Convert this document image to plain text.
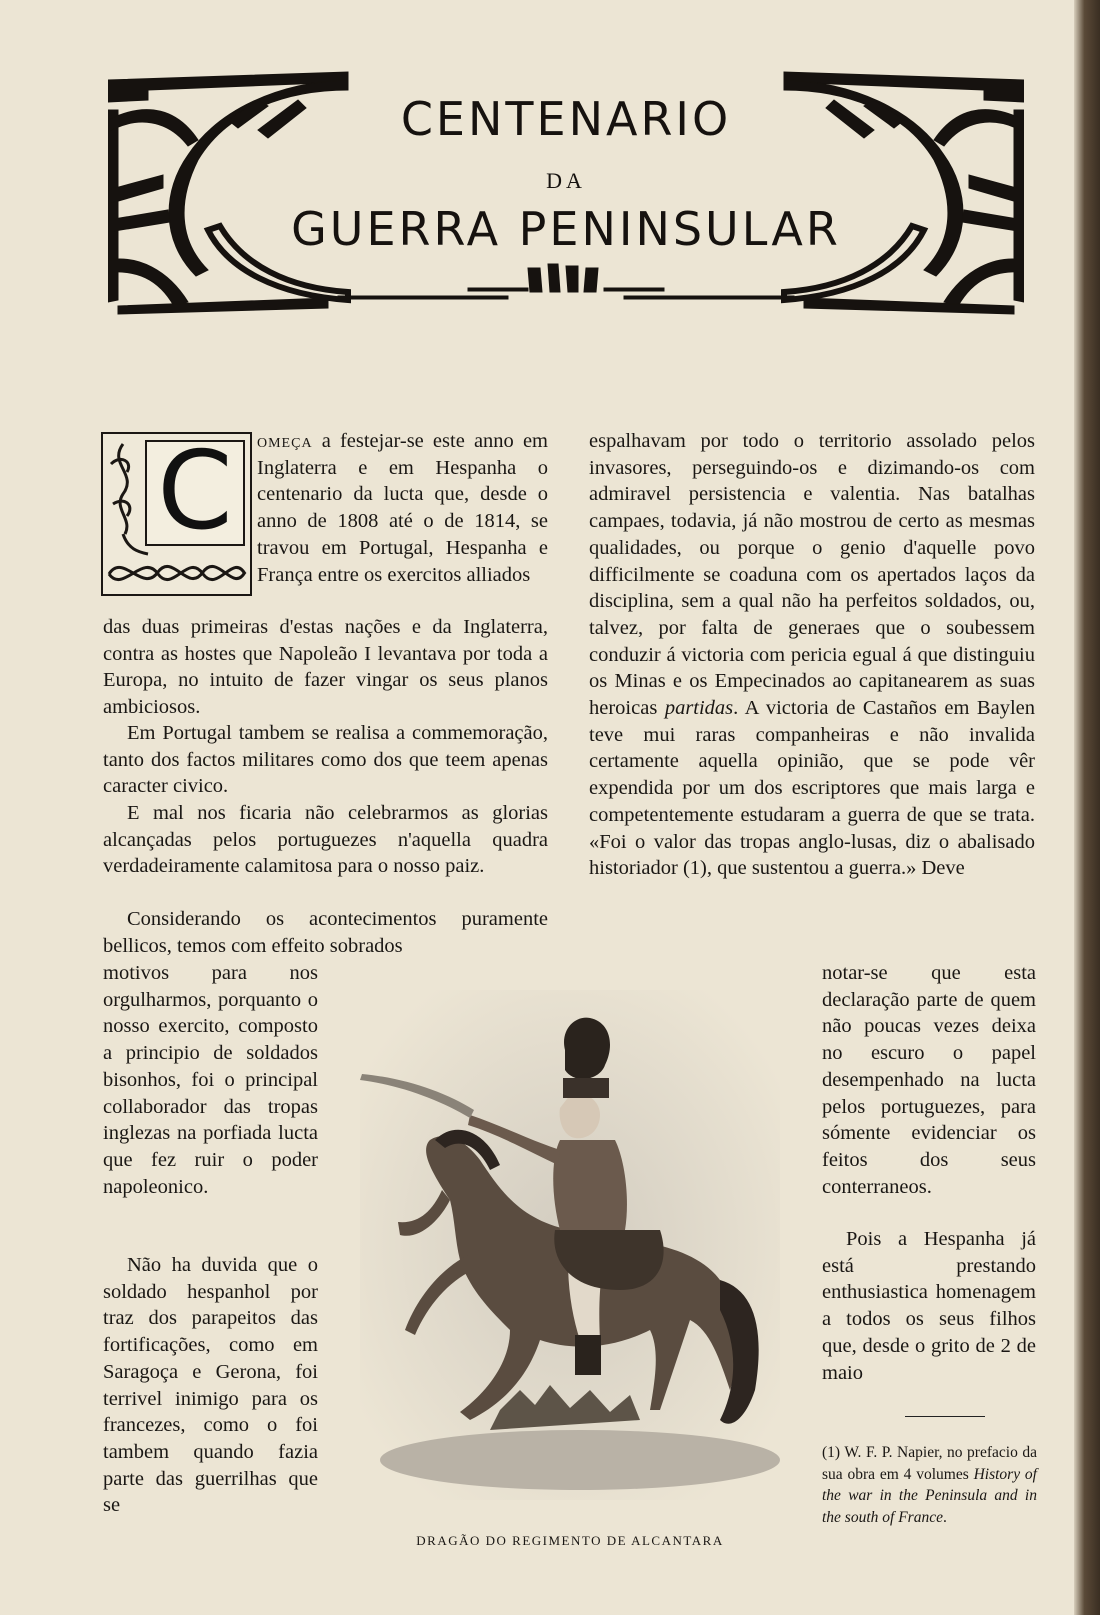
CENTENARIO
DA
GUERRA PENINSULAR
C	omeça a festejar-se este anno em Inglaterra e em Hespanha o centenario da lucta que, desde o anno de 1808 até o de 1814, se travou em Portugal, Hespanha e França entre os exercitos alliados

das duas primeiras d'estas nações e da Inglaterra, contra as hostes que Napoleão I levantava por toda a Europa, no intuito de fazer vingar os seus planos ambiciosos.

Em Portugal tambem se realisa a commemoração, tanto dos factos militares como dos que teem apenas caracter civico.

E mal nos ficaria não celebrarmos as glorias alcançadas pelos portuguezes n'aquella quadra verdadeiramente calamitosa para o nosso paiz.

Considerando os acontecimentos puramente bellicos, temos com effeito sobrados

motivos para nos orgulharmos, porquanto o nosso exercito, composto a principio de soldados bisonhos, foi o principal collaborador das tropas inglezas na porfiada lucta que fez ruir o poder napoleonico.

Não ha duvida que o soldado hespanhol por traz dos parapeitos das fortificações, como em Saragoça e Gerona, foi terrivel inimigo para os francezes, como o foi tambem quando fazia parte das guerrilhas que se

espalhavam por todo o territorio assolado pelos invasores, perseguindo-os e dizimando-os com admiravel persistencia e valentia. Nas batalhas campaes, todavia, já não mostrou de certo as mesmas qualidades, ou porque o genio d'aquelle povo difficilmente se coaduna com os apertados laços da disciplina, sem a qual não ha perfeitos soldados, ou, talvez, por falta de generaes que o soubessem conduzir á victoria com pericia egual á que distinguiu os Minas e os Empecinados ao capitanearem as suas heroicas partidas. A victoria de Castaños em Baylen teve mui raras companheiras e não invalida certamente aquella opinião, que se pode vêr expendida por um dos escriptores que mais larga e competentemente estudaram a guerra de que se trata. «Foi o valor das tropas anglo-lusas, diz o abalisado historiador (1), que sustentou a guerra.» Deve

notar-se que esta declaração parte de quem não poucas vezes deixa no escuro o papel desempenhado na lucta pelos portuguezes, para sómente evidenciar os feitos dos seus conterraneos.

Pois a Hespanha já está prestando enthusiastica homenagem a todos os seus filhos que, desde o grito de 2 de maio

DRAGÃO DO REGIMENTO DE ALCANTARA

(1) W. F. P. Napier, no prefacio da sua obra em 4 volumes History of the war in the Peninsula and in the south of France.
